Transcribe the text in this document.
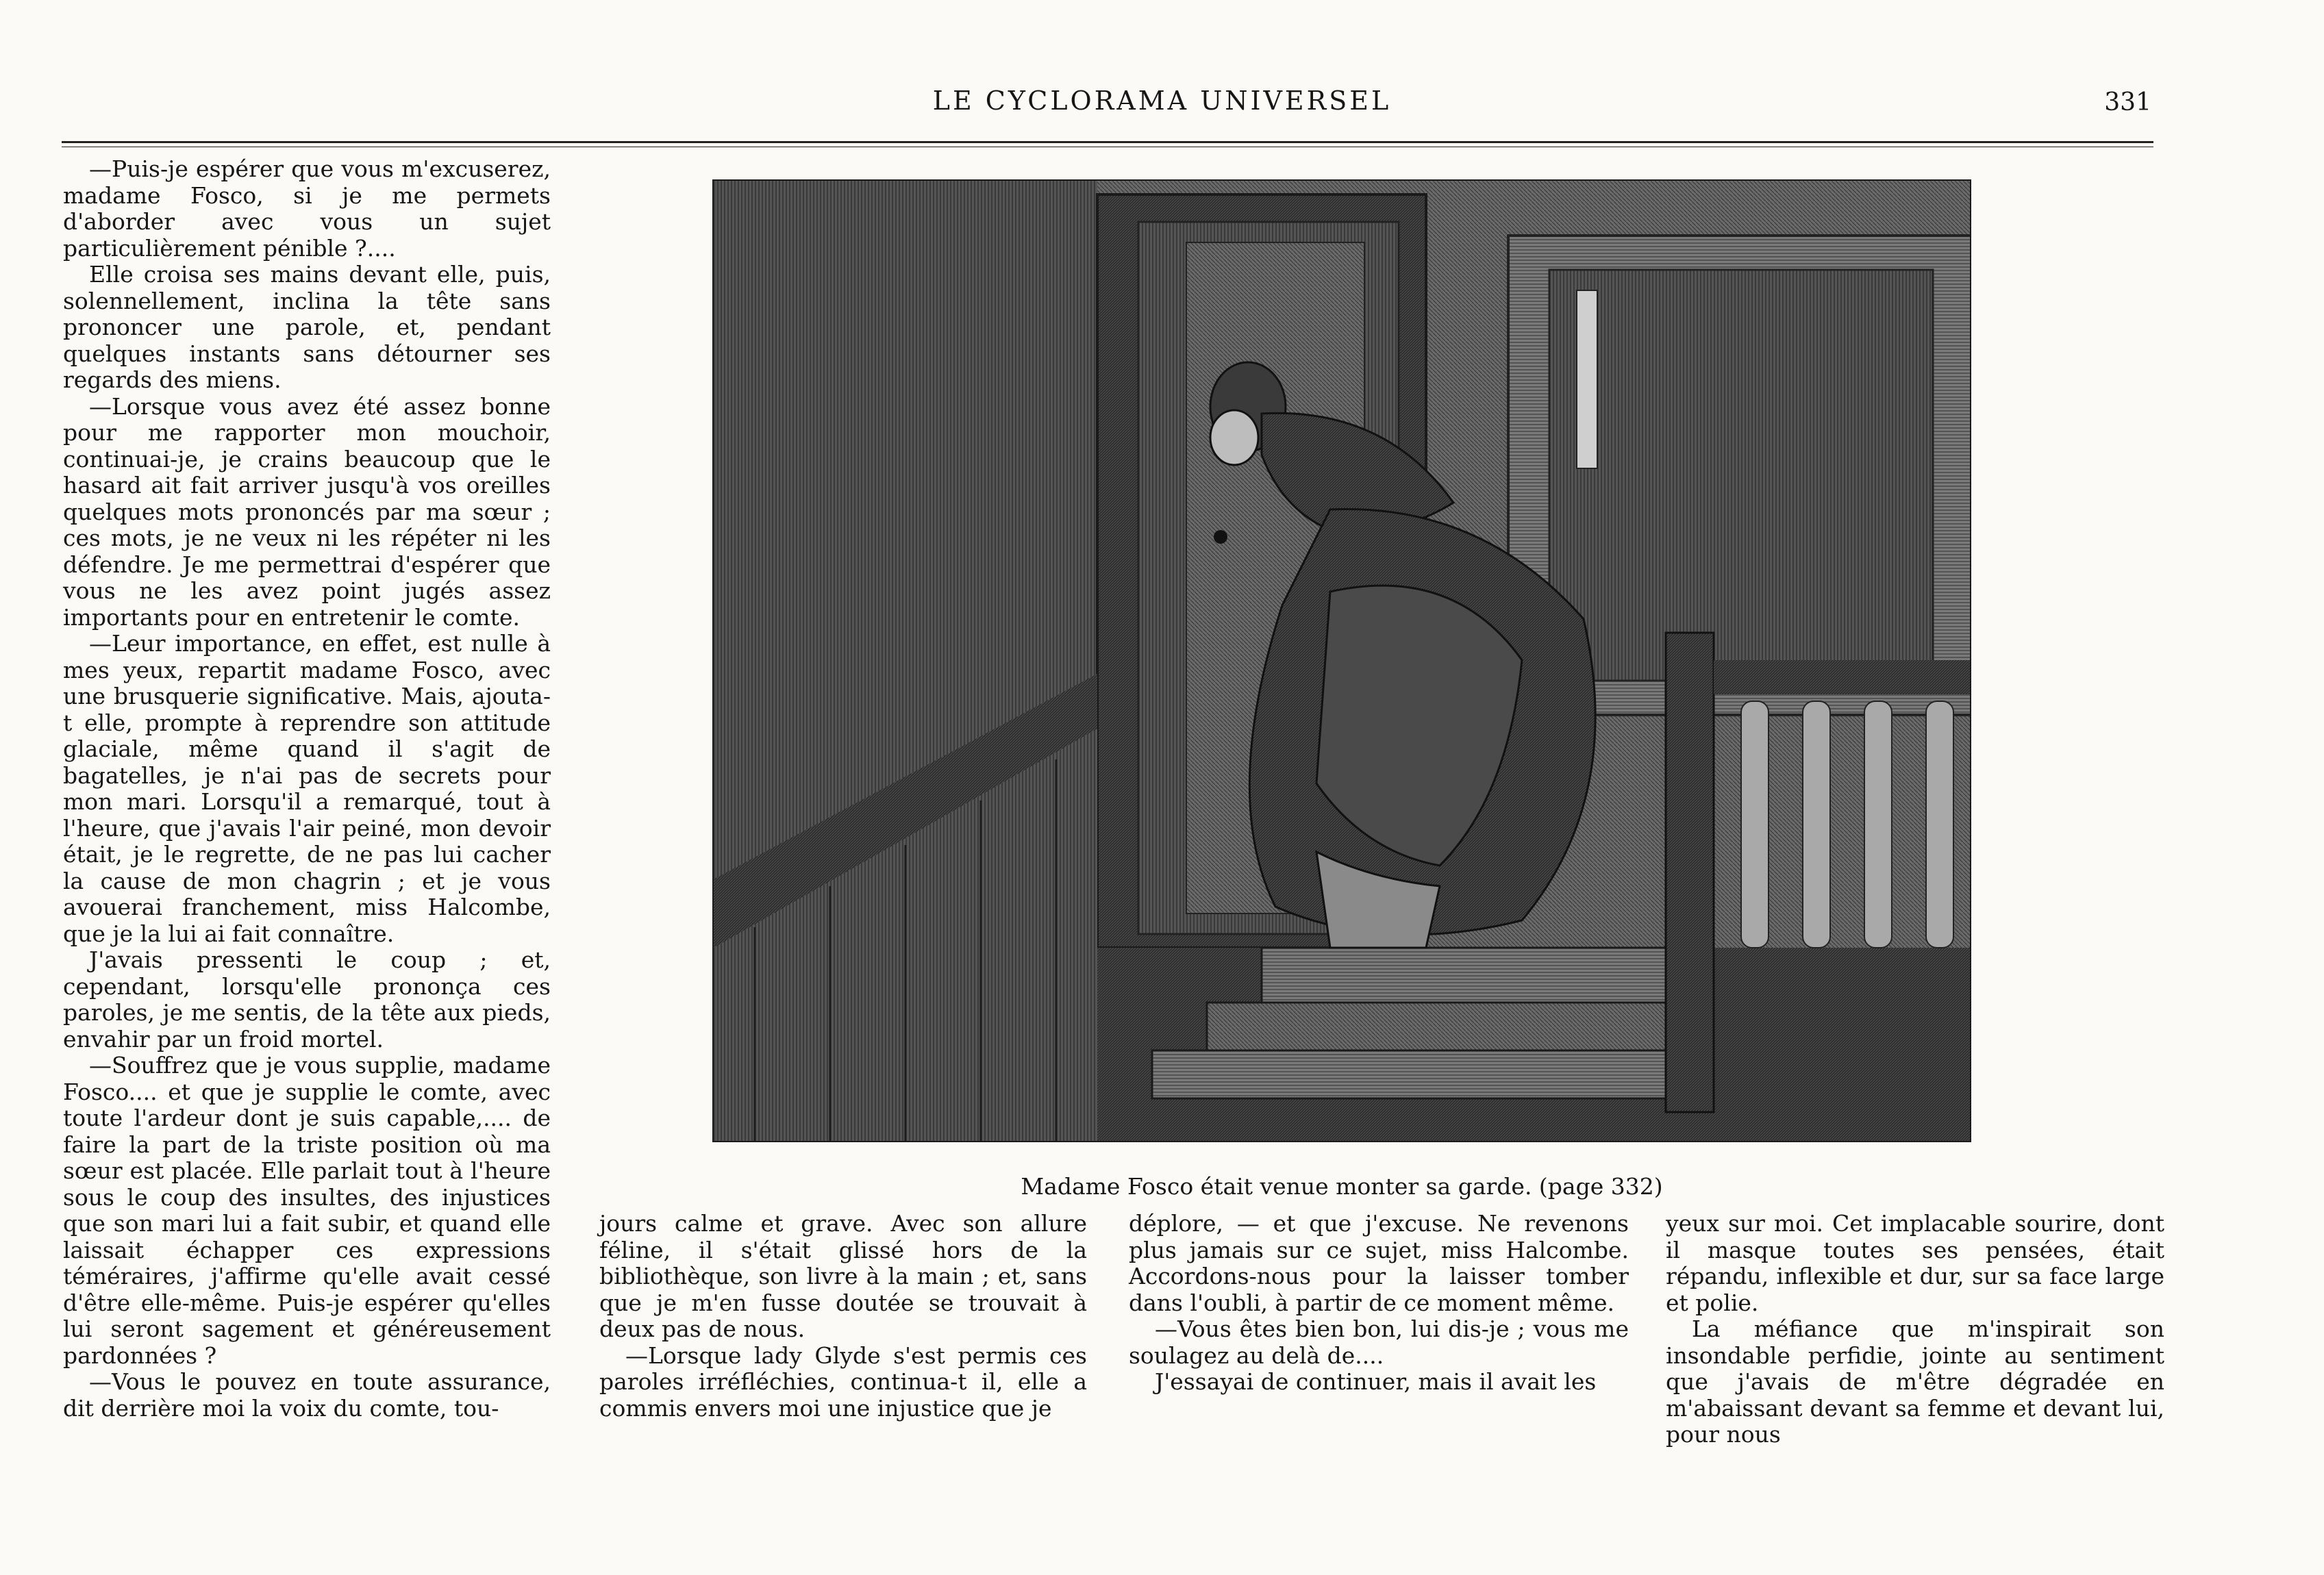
LE CYCLORAMA UNIVERSEL	331

—Puis-je espérer que vous m'excuserez, madame Fosco, si je me permets d'aborder avec vous un sujet particulièrement pénible ?....

Elle croisa ses mains devant elle, puis, solennellement, inclina la tête sans prononcer une parole, et, pendant quelques instants sans détourner ses regards des miens.

—Lorsque vous avez été assez bonne pour me rapporter mon mouchoir, continuai-je, je crains beaucoup que le hasard ait fait arriver jusqu'à vos oreilles quelques mots prononcés par ma sœur ; ces mots, je ne veux ni les répéter ni les défendre. Je me permettrai d'espérer que vous ne les avez point jugés assez importants pour en entretenir le comte.

—Leur importance, en effet, est nulle à mes yeux, repartit madame Fosco, avec une brusquerie significative. Mais, ajouta-t elle, prompte à reprendre son attitude glaciale, même quand il s'agit de bagatelles, je n'ai pas de secrets pour mon mari. Lorsqu'il a remarqué, tout à l'heure, que j'avais l'air peiné, mon devoir était, je le regrette, de ne pas lui cacher la cause de mon chagrin ; et je vous avouerai franchement, miss Halcombe, que je la lui ai fait connaître.

J'avais pressenti le coup ; et, cependant, lorsqu'elle prononça ces paroles, je me sentis, de la tête aux pieds, envahir par un froid mortel.

—Souffrez que je vous supplie, madame Fosco.... et que je supplie le comte, avec toute l'ardeur dont je suis capable,.... de faire la part de la triste position où ma sœur est placée. Elle parlait tout à l'heure sous le coup des insultes, des injustices que son mari lui a fait subir, et quand elle laissait échapper ces expressions téméraires, j'affirme qu'elle avait cessé d'être elle-même. Puis-je espérer qu'elles lui seront sagement et généreusement pardonnées ?

—Vous le pouvez en toute assurance, dit derrière moi la voix du comte, tou-

Madame Fosco était venue monter sa garde. (page 332)

jours calme et grave. Avec son allure féline, il s'était glissé hors de la bibliothèque, son livre à la main ; et, sans que je m'en fusse doutée se trouvait à deux pas de nous.

—Lorsque lady Glyde s'est permis ces paroles irréfléchies, continua-t il, elle a commis envers moi une injustice que je

déplore, — et que j'excuse. Ne revenons plus jamais sur ce sujet, miss Halcombe. Accordons-nous pour la laisser tomber dans l'oubli, à partir de ce moment même.

—Vous êtes bien bon, lui dis-je ; vous me soulagez au delà de....

J'essayai de continuer, mais il avait les

yeux sur moi. Cet implacable sourire, dont il masque toutes ses pensées, était répandu, inflexible et dur, sur sa face large et polie.

La méfiance que m'inspirait son insondable perfidie, jointe au sentiment que j'avais de m'être dégradée en m'abaissant devant sa femme et devant lui, pour nous
